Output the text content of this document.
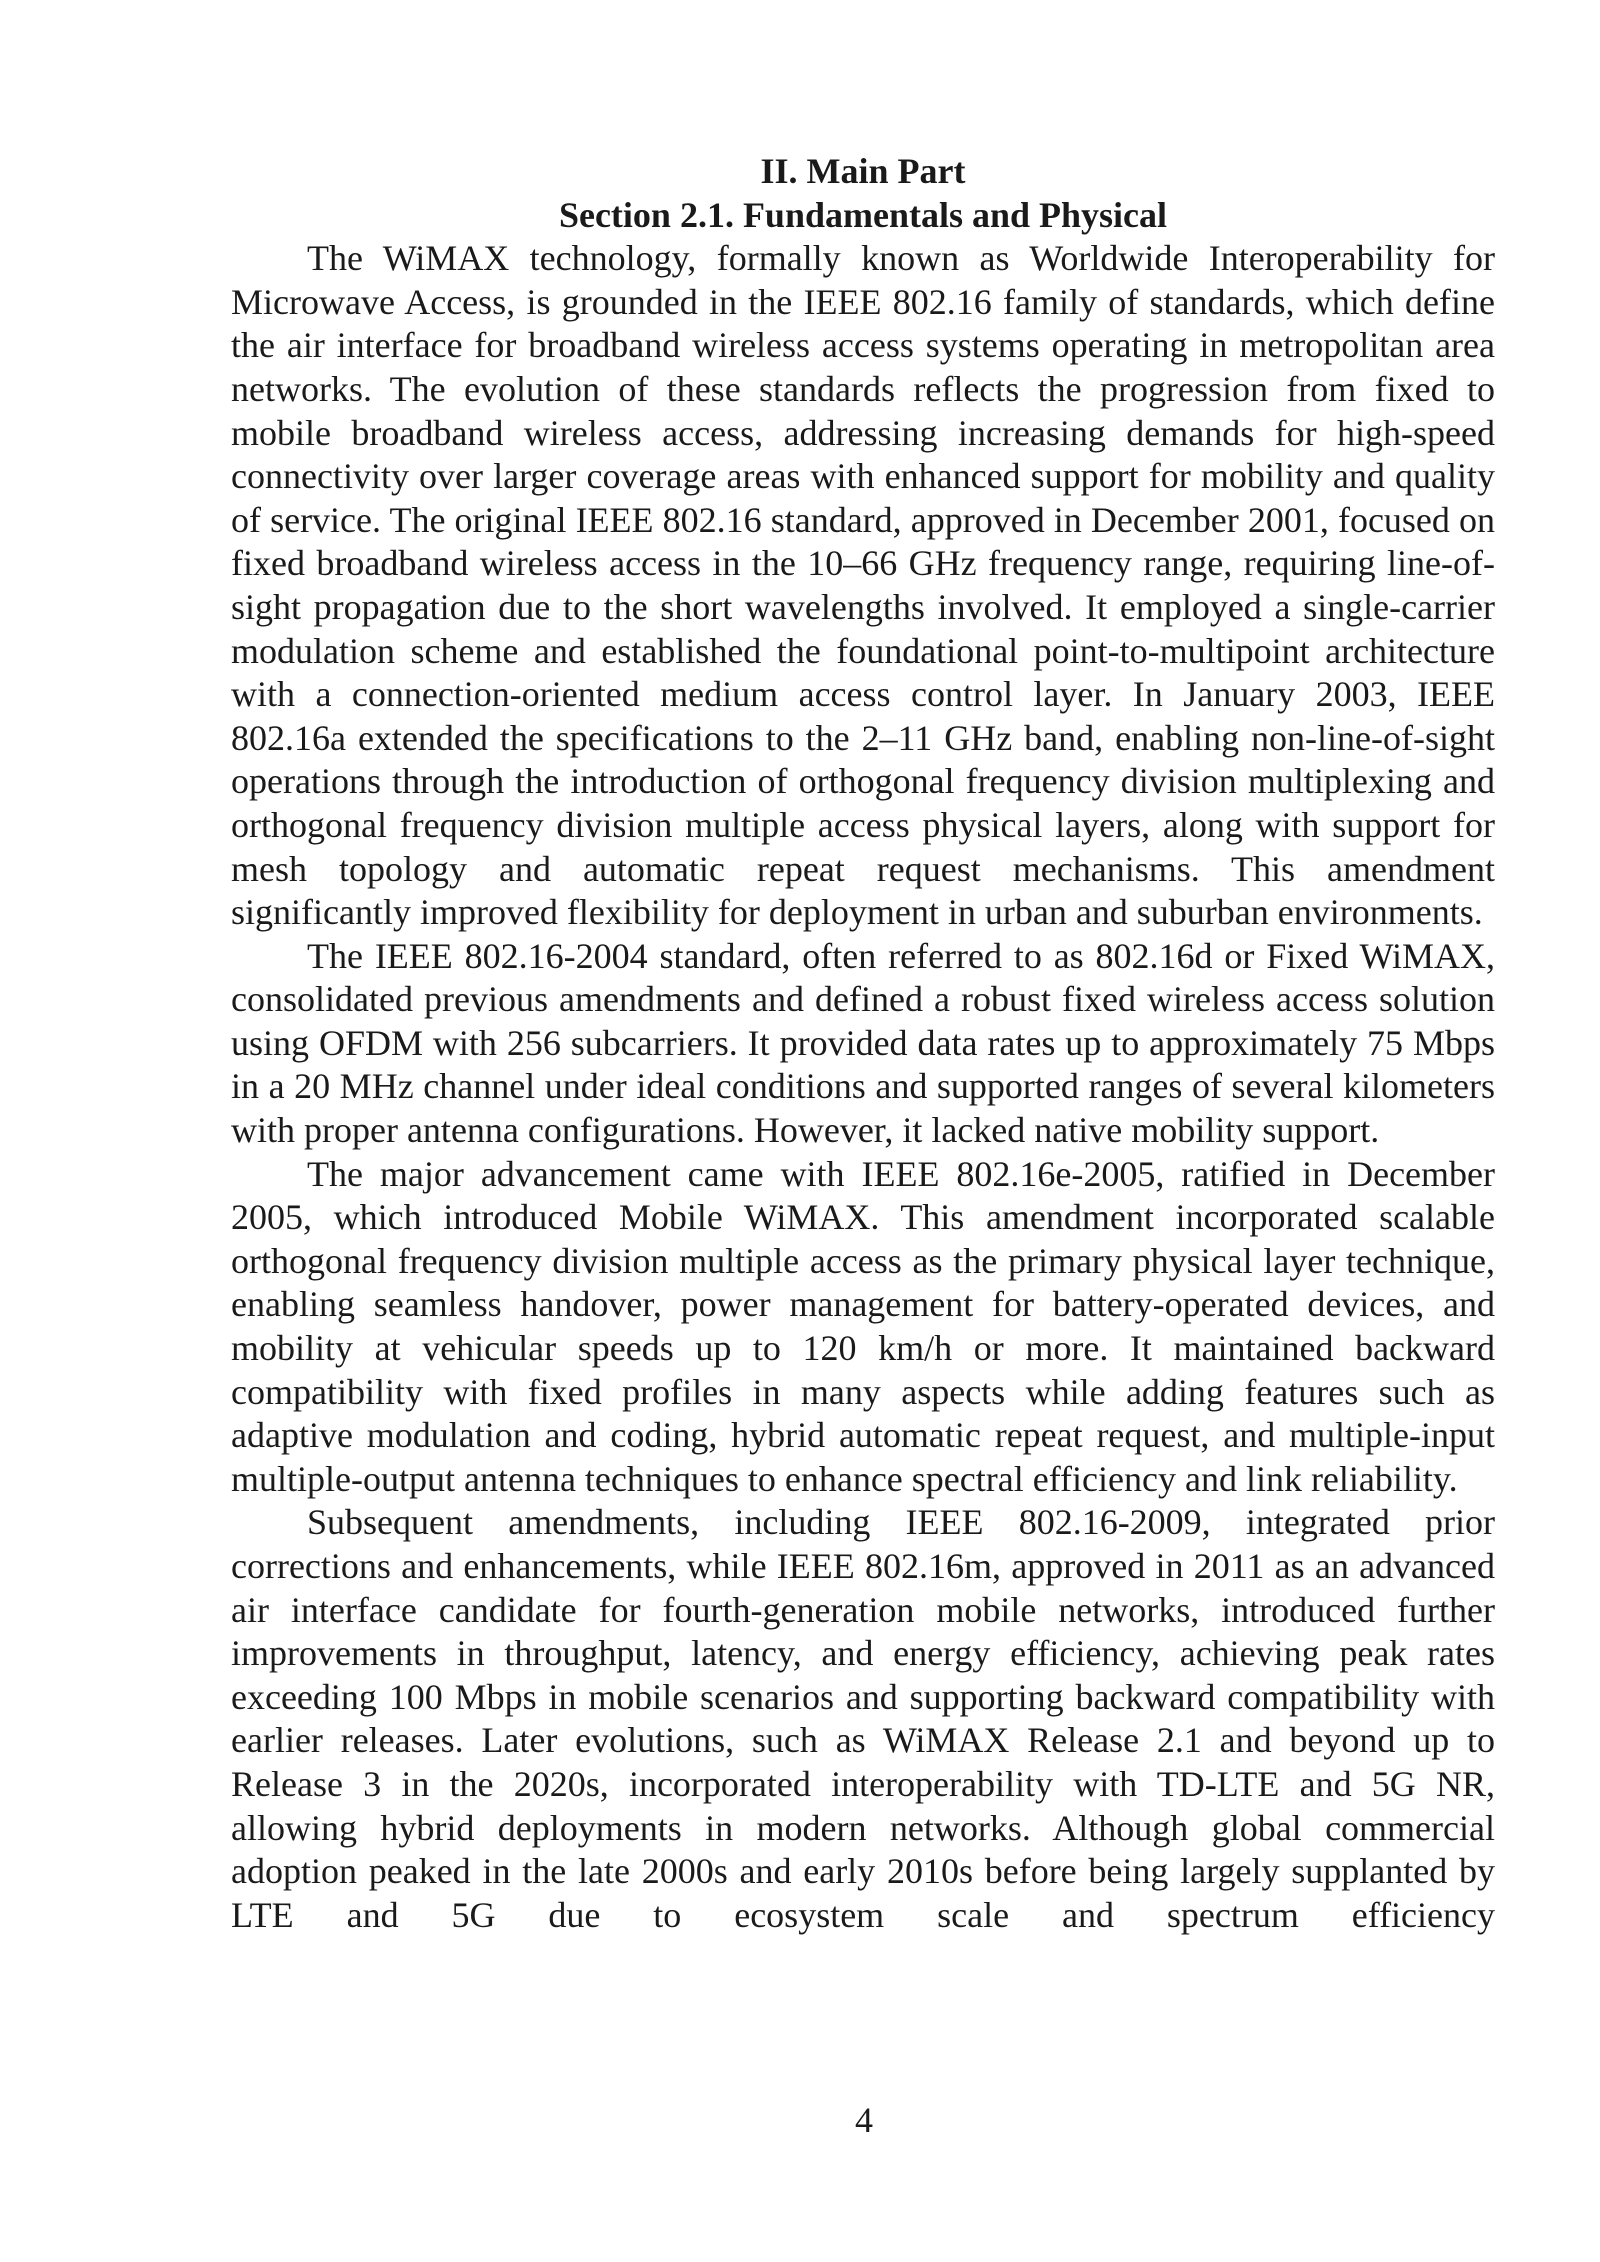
II. Main Part
Section 2.1. Fundamentals and Physical

The WiMAX technology, formally known as Worldwide Interoperability for Microwave Access, is grounded in the IEEE 802.16 family of standards, which define the air interface for broadband wireless access systems operating in metropolitan area networks. The evolution of these standards reflects the progression from fixed to mobile broadband wireless access, addressing increasing demands for high-speed connectivity over larger coverage areas with enhanced support for mobility and quality of service. The original IEEE 802.16 standard, approved in December 2001, focused on fixed broadband wireless access in the 10–66 GHz frequency range, requiring line-of-sight propagation due to the short wavelengths involved. It employed a single-carrier modulation scheme and established the foundational point-to-multipoint architecture with a connection-oriented medium access control layer. In January 2003, IEEE 802.16a extended the specifications to the 2–11 GHz band, enabling non-line-of-sight operations through the introduction of orthogonal frequency division multiplexing and orthogonal frequency division multiple access physical layers, along with support for mesh topology and automatic repeat request mechanisms. This amendment significantly improved flexibility for deployment in urban and suburban environments.

The IEEE 802.16-2004 standard, often referred to as 802.16d or Fixed WiMAX, consolidated previous amendments and defined a robust fixed wireless access solution using OFDM with 256 subcarriers. It provided data rates up to approximately 75 Mbps in a 20 MHz channel under ideal conditions and supported ranges of several kilometers with proper antenna configurations. However, it lacked native mobility support.

The major advancement came with IEEE 802.16e-2005, ratified in December 2005, which introduced Mobile WiMAX. This amendment incorporated scalable orthogonal frequency division multiple access as the primary physical layer technique, enabling seamless handover, power management for battery-operated devices, and mobility at vehicular speeds up to 120 km/h or more. It maintained backward compatibility with fixed profiles in many aspects while adding features such as adaptive modulation and coding, hybrid automatic repeat request, and multiple-input multiple-output antenna techniques to enhance spectral efficiency and link reliability.

Subsequent amendments, including IEEE 802.16-2009, integrated prior corrections and enhancements, while IEEE 802.16m, approved in 2011 as an advanced air interface candidate for fourth-generation mobile networks, introduced further improvements in throughput, latency, and energy efficiency, achieving peak rates exceeding 100 Mbps in mobile scenarios and supporting backward compatibility with earlier releases. Later evolutions, such as WiMAX Release 2.1 and beyond up to Release 3 in the 2020s, incorporated interoperability with TD-LTE and 5G NR, allowing hybrid deployments in modern networks. Although global commercial adoption peaked in the late 2000s and early 2010s before being largely supplanted by LTE and 5G due to ecosystem scale and spectrum efficiency

4
